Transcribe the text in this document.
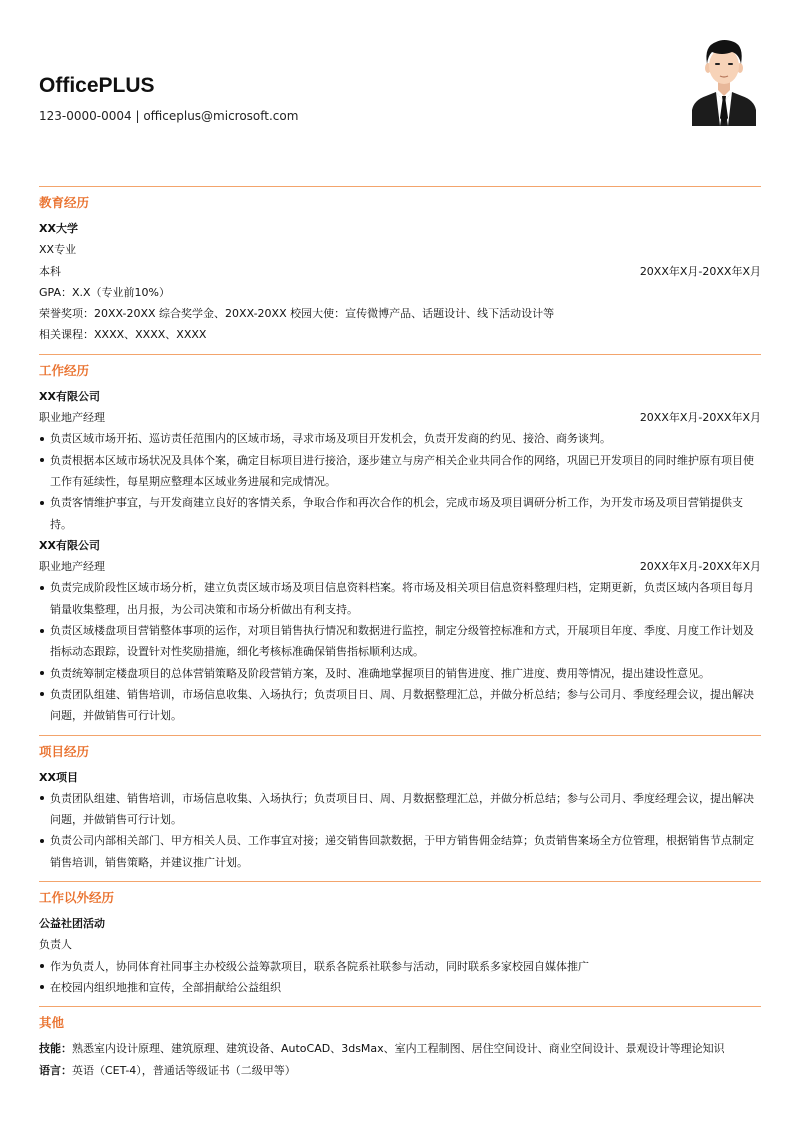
OfficePLUS
123-0000-0004 | officeplus@microsoft.com
教育经历
XX大学
XX专业
本科	20XX年X月-20XX年X月
GPA：X.X（专业前10%）
荣誉奖项：20XX-20XX 综合奖学金、20XX-20XX 校园大使：宣传微博产品、话题设计、线下活动设计等
相关课程：XXXX、XXXX、XXXX
工作经历
XX有限公司
职业地产经理	20XX年X月-20XX年X月
负责区域市场开拓、巡访责任范围内的区域市场，寻求市场及项目开发机会，负责开发商的约见、接洽、商务谈判。
负责根据本区域市场状况及具体个案，确定目标项目进行接洽，逐步建立与房产相关企业共同合作的网络，巩固已开发项目的同时维护原有项目使工作有延续性，每星期应整理本区域业务进展和完成情况。
负责客情维护事宜，与开发商建立良好的客情关系，争取合作和再次合作的机会，完成市场及项目调研分析工作，为开发市场及项目营销提供支持。
XX有限公司
职业地产经理	20XX年X月-20XX年X月
负责完成阶段性区域市场分析，建立负责区域市场及项目信息资料档案。将市场及相关项目信息资料整理归档，定期更新，负责区域内各项目每月销量收集整理，出月报，为公司决策和市场分析做出有利支持。
负责区域楼盘项目营销整体事项的运作，对项目销售执行情况和数据进行监控，制定分级管控标准和方式，开展项目年度、季度、月度工作计划及指标动态跟踪，设置针对性奖励措施，细化考核标准确保销售指标顺利达成。
负责统筹制定楼盘项目的总体营销策略及阶段营销方案，及时、准确地掌握项目的销售进度、推广进度、费用等情况，提出建设性意见。
负责团队组建、销售培训，市场信息收集、入场执行；负责项目日、周、月数据整理汇总，并做分析总结；参与公司月、季度经理会议，提出解决问题，并做销售可行计划。
项目经历
XX项目
负责团队组建、销售培训，市场信息收集、入场执行；负责项目日、周、月数据整理汇总，并做分析总结；参与公司月、季度经理会议，提出解决问题，并做销售可行计划。
负责公司内部相关部门、甲方相关人员、工作事宜对接；递交销售回款数据，于甲方销售佣金结算；负责销售案场全方位管理，根据销售节点制定销售培训，销售策略，并建议推广计划。
工作以外经历
公益社团活动
负责人
作为负责人，协同体育社同事主办校级公益筹款项目，联系各院系社联参与活动，同时联系多家校园自媒体推广
在校园内组织地推和宣传，全部捐献给公益组织
其他
技能：熟悉室内设计原理、建筑原理、建筑设备、AutoCAD、3dsMax、室内工程制图、居住空间设计、商业空间设计、景观设计等理论知识
语言：英语（CET-4），普通话等级证书（二级甲等）
